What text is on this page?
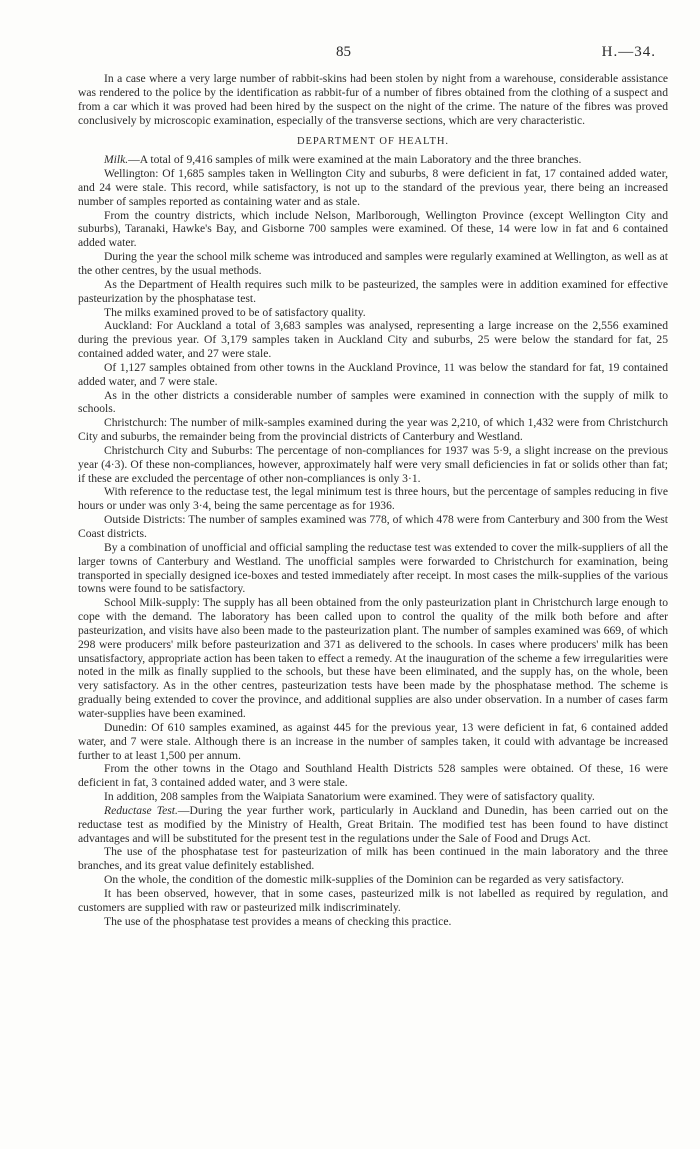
85	H.—34.

In a case where a very large number of rabbit-skins had been stolen by night from a warehouse, considerable assistance was rendered to the police by the identification as rabbit-fur of a number of fibres obtained from the clothing of a suspect and from a car which it was proved had been hired by the suspect on the night of the crime. The nature of the fibres was proved conclusively by microscopic examination, especially of the transverse sections, which are very characteristic.

DEPARTMENT OF HEALTH.

Milk.—A total of 9,416 samples of milk were examined at the main Laboratory and the three branches.

Wellington: Of 1,685 samples taken in Wellington City and suburbs, 8 were deficient in fat, 17 contained added water, and 24 were stale. This record, while satisfactory, is not up to the standard of the previous year, there being an increased number of samples reported as containing water and as stale.

From the country districts, which include Nelson, Marlborough, Wellington Province (except Wellington City and suburbs), Taranaki, Hawke's Bay, and Gisborne 700 samples were examined. Of these, 14 were low in fat and 6 contained added water.

During the year the school milk scheme was introduced and samples were regularly examined at Wellington, as well as at the other centres, by the usual methods.

As the Department of Health requires such milk to be pasteurized, the samples were in addition examined for effective pasteurization by the phosphatase test.

The milks examined proved to be of satisfactory quality.

Auckland: For Auckland a total of 3,683 samples was analysed, representing a large increase on the 2,556 examined during the previous year. Of 3,179 samples taken in Auckland City and suburbs, 25 were below the standard for fat, 25 contained added water, and 27 were stale.

Of 1,127 samples obtained from other towns in the Auckland Province, 11 was below the standard for fat, 19 contained added water, and 7 were stale.

As in the other districts a considerable number of samples were examined in connection with the supply of milk to schools.

Christchurch: The number of milk-samples examined during the year was 2,210, of which 1,432 were from Christchurch City and suburbs, the remainder being from the provincial districts of Canterbury and Westland.

Christchurch City and Suburbs: The percentage of non-compliances for 1937 was 5·9, a slight increase on the previous year (4·3). Of these non-compliances, however, approximately half were very small deficiencies in fat or solids other than fat; if these are excluded the percentage of other non-compliances is only 3·1.

With reference to the reductase test, the legal minimum test is three hours, but the percentage of samples reducing in five hours or under was only 3·4, being the same percentage as for 1936.

Outside Districts: The number of samples examined was 778, of which 478 were from Canterbury and 300 from the West Coast districts.

By a combination of unofficial and official sampling the reductase test was extended to cover the milk-suppliers of all the larger towns of Canterbury and Westland. The unofficial samples were forwarded to Christchurch for examination, being transported in specially designed ice-boxes and tested immediately after receipt. In most cases the milk-supplies of the various towns were found to be satisfactory.

School Milk-supply: The supply has all been obtained from the only pasteurization plant in Christchurch large enough to cope with the demand. The laboratory has been called upon to control the quality of the milk both before and after pasteurization, and visits have also been made to the pasteurization plant. The number of samples examined was 669, of which 298 were producers' milk before pasteurization and 371 as delivered to the schools. In cases where producers' milk has been unsatisfactory, appropriate action has been taken to effect a remedy. At the inauguration of the scheme a few irregularities were noted in the milk as finally supplied to the schools, but these have been eliminated, and the supply has, on the whole, been very satisfactory. As in the other centres, pasteurization tests have been made by the phosphatase method. The scheme is gradually being extended to cover the province, and additional supplies are also under observation. In a number of cases farm water-supplies have been examined.

Dunedin: Of 610 samples examined, as against 445 for the previous year, 13 were deficient in fat, 6 contained added water, and 7 were stale. Although there is an increase in the number of samples taken, it could with advantage be increased further to at least 1,500 per annum.

From the other towns in the Otago and Southland Health Districts 528 samples were obtained. Of these, 16 were deficient in fat, 3 contained added water, and 3 were stale.

In addition, 208 samples from the Waipiata Sanatorium were examined. They were of satisfactory quality.

Reductase Test.—During the year further work, particularly in Auckland and Dunedin, has been carried out on the reductase test as modified by the Ministry of Health, Great Britain. The modified test has been found to have distinct advantages and will be substituted for the present test in the regulations under the Sale of Food and Drugs Act.

The use of the phosphatase test for pasteurization of milk has been continued in the main laboratory and the three branches, and its great value definitely established.

On the whole, the condition of the domestic milk-supplies of the Dominion can be regarded as very satisfactory.

It has been observed, however, that in some cases, pasteurized milk is not labelled as required by regulation, and customers are supplied with raw or pasteurized milk indiscriminately.

The use of the phosphatase test provides a means of checking this practice.
